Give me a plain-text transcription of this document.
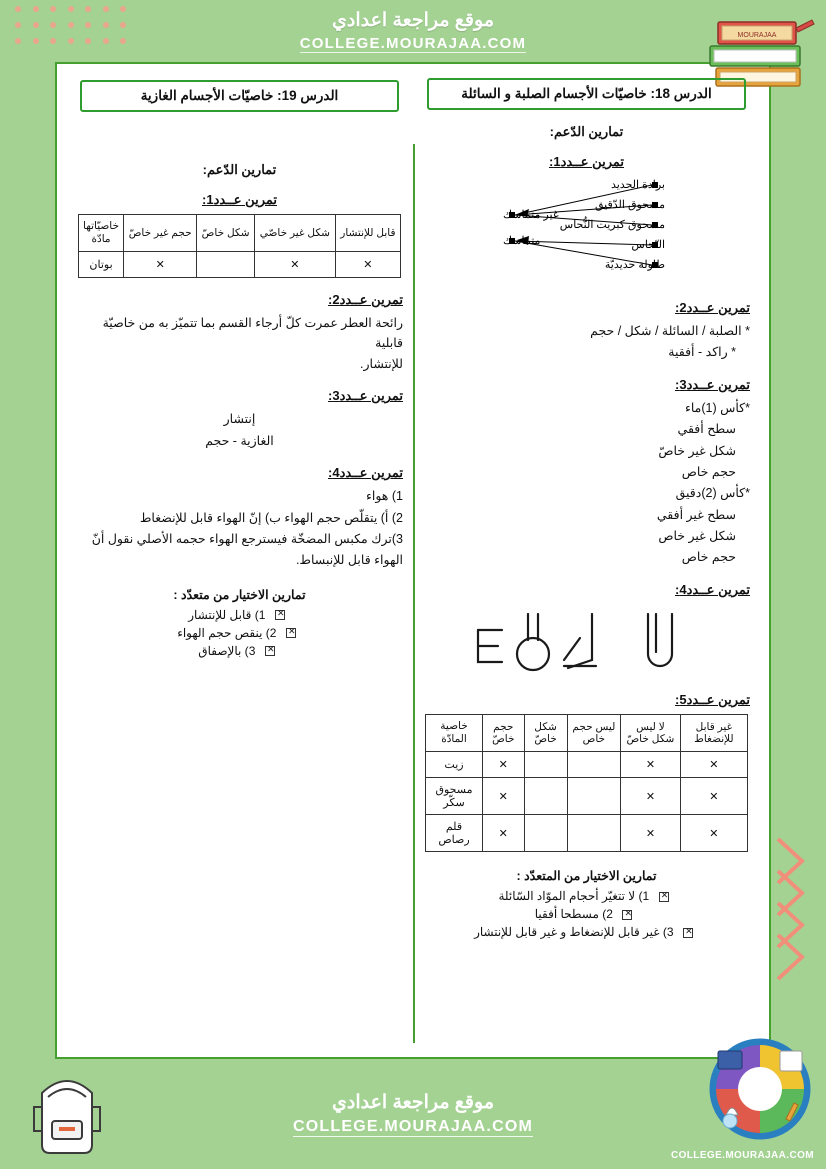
موقع مراجعة اعدادي
COLLEGE.MOURAJAA.COM	MOURAJAA
الدرس 18: خاصيّات الأجسام الصلبة و السائلة
تمارين الدّعم:
تمرين عــدد1:
برادة الحديد
مسحوق الدّقيق
مسحوق كبريت النُّحاس
النّحاس
طاولة حديديّة
غير متماسك
متماسك
تمرين عــدد2:
* الصلبة / السائلة / شكل / حجم
* راكد - أفقية
تمرين عــدد3:
*كأس (1)ماء
سطح أفقي
شكل غير خاصّ
حجم خاص
*كأس (2)دقيق
سطح غير أفقي
شكل غير خاص
حجم خاص
تمرين عــدد4:
تمرين عــدد5:
غير قابل للإنضغاط	لا ليس شكل خاصّ	ليس حجم خاص	شكل خاصّ	حجم خاصّ	خاصية
المادّة
✕	✕			✕	زيت
✕	✕			✕	مسحوق سكّر
✕	✕			✕	قلم رصاص
تمارين الاختيار من المتعدّد :
✕ 1) لا تتغيّر أحجام الموّاد السّائلة
✕ 2) مسطحا أفقيا
✕ 3) غير قابل للإنضغاط و غير قابل للإنتشار
الدرس 19: خاصيّات الأجسام الغازية
تمارين الدّعم:
تمرين عــدد1:
قابل للإنتشار	شكل غير خاصّي	شكل خاصّ	حجم غير خاصّ	خاصيّاتها
مادّة
✕	✕		✕	بوتان
تمرين عــدد2:
رائحة العطر عمرت كلّ أرجاء القسم بما تتميّز به من خاصيّة قابلية
للإنتشار.
تمرين عــدد3:
إنتشار
الغازية - حجم
تمرين عــدد4:
1) هواء
2) أ) يتقلّص حجم الهواء ب) إنّ الهواء قابل للإنضغاط
3)ترك مكبس المضخّة فيسترجع الهواء حجمه الأصلي نقول أنّ
الهواء قابل للإنبساط.
تمارين الاختيار من متعدّد :
✕ 1) قابل للإنتشار
✕ 2) ينقص حجم الهواء
✕ 3) بالإصفاق
موقع مراجعة اعدادي
COLLEGE.MOURAJAA.COM
COLLEGE.MOURAJAA.COM
